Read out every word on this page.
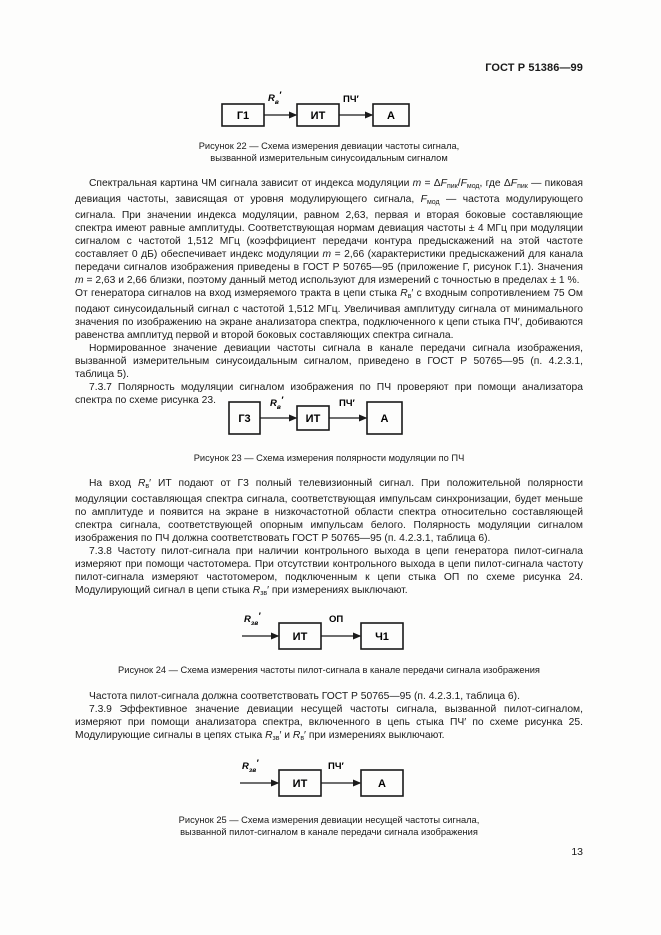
ГОСТ Р 51386—99
Г1
$R_в'$
ИТ
ПЧ′
А
Рисунок 22 — Схема измерения девиации частоты сигнала,
вызванной измерительным синусоидальным сигналом

Спектральная картина ЧМ сигнала зависит от индекса модуляции $m = \Delta F_{пик}/F_{мод}$, где $\Delta F_{пик}$ — пиковая девиация частоты, зависящая от уровня модулирующего сигнала, $F_{мод}$ — частота модулирующего сигнала. При значении индекса модуляции, равном 2,63, первая и вторая боковые составляющие спектра имеют равные амплитуды. Соответствующая нормам девиация частоты ± 4 МГц при модуляции сигналом с частотой 1,512 МГц (коэффициент передачи контура предыскажений на этой частоте составляет 0 дБ) обеспечивает индекс модуляции m = 2,66 (характеристики предыскажений для канала передачи сигналов изображения приведены в ГОСТ Р 50765—95 (приложение Г, рисунок Г.1). Значения m = 2,63 и 2,66 близки, поэтому данный метод используют для измерений с точностью в пределах ± 1 %.

От генератора сигналов на вход измеряемого тракта в цепи стыка $R_в'$ с входным сопротивлением 75 Ом подают синусоидальный сигнал с частотой 1,512 МГц. Увеличивая амплитуду сигнала от минимального значения по изображению на экране анализатора спектра, подключенного к цепи стыка ПЧ′, добиваются равенства амплитуд первой и второй боковых составляющих спектра сигнала.

Нормированное значение девиации частоты сигнала в канале передачи сигнала изображения, вызванной измерительным синусоидальным сигналом, приведено в ГОСТ Р 50765—95 (п. 4.2.3.1, таблица 5).

7.3.7 Полярность модуляции сигналом изображения по ПЧ проверяют при помощи анализатора спектра по схеме рисунка 23.

Г3
$R_в'$
ИТ
ПЧ′
А
Рисунок 23 — Схема измерения полярности модуляции по ПЧ

На вход $R_в'$ ИТ подают от Г3 полный телевизионный сигнал. При положительной полярности модуляции составляющая спектра сигнала, соответствующая импульсам синхронизации, будет меньше по амплитуде и появится на экране в низкочастотной области спектра относительно составляющей спектра сигнала, соответствующей опорным импульсам белого. Полярность модуляции сигналом изображения по ПЧ должна соответствовать ГОСТ Р 50765—95 (п. 4.2.3.1, таблица 6).

7.3.8 Частоту пилот-сигнала при наличии контрольного выхода в цепи генератора пилот-сигнала измеряют при помощи частотомера. При отсутствии контрольного выхода в цепи пилот-сигнала частоту пилот-сигнала измеряют частотомером, подключенным к цепи стыка ОП по схеме рисунка 24. Модулирующий сигнал в цепи стыка $R_{зв}'$ при измерениях выключают.

$R_{зв}'$
ИТ
ОП
Ч1
Рисунок 24 — Схема измерения частоты пилот-сигнала в канале передачи сигнала изображения

Частота пилот-сигнала должна соответствовать ГОСТ Р 50765—95 (п. 4.2.3.1, таблица 6).

7.3.9 Эффективное значение девиации несущей частоты сигнала, вызванной пилот-сигналом, измеряют при помощи анализатора спектра, включенного в цепь стыка ПЧ′ по схеме рисунка 25. Модулирующие сигналы в цепях стыка $R_{зв}'$ и $R_в'$ при измерениях выключают.

$R_{зв}'$
ИТ
ПЧ′
А
Рисунок 25 — Схема измерения девиации несущей частоты сигнала,
вызванной пилот-сигналом в канале передачи сигнала изображения
13
